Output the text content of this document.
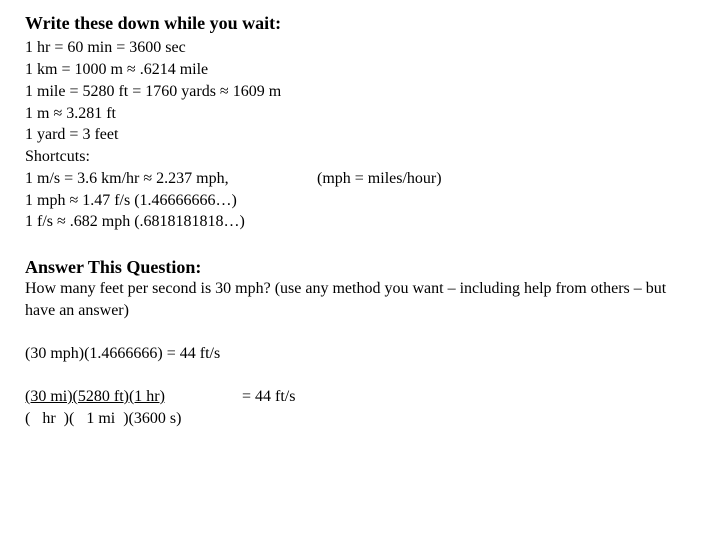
Write these down while you wait:
1 hr = 60 min = 3600 sec
1 km = 1000 m ≈ .6214 mile
1 mile = 5280 ft = 1760 yards ≈ 1609 m
1 m ≈ 3.281 ft
1 yard = 3 feet
Shortcuts:
1 m/s = 3.6 km/hr ≈ 2.237 mph,	(mph = miles/hour)
1 mph ≈ 1.47 f/s (1.46666666…)
1 f/s ≈ .682 mph (.6818181818…)
Answer This Question:
How many feet per second is 30 mph? (use any method you want – including help from others – but have an answer)
(30 mph)(1.4666666) = 44 ft/s
(30 mi)(5280 ft)(1 hr)	= 44 ft/s
(   hr  )(   1 mi  )(3600 s)
